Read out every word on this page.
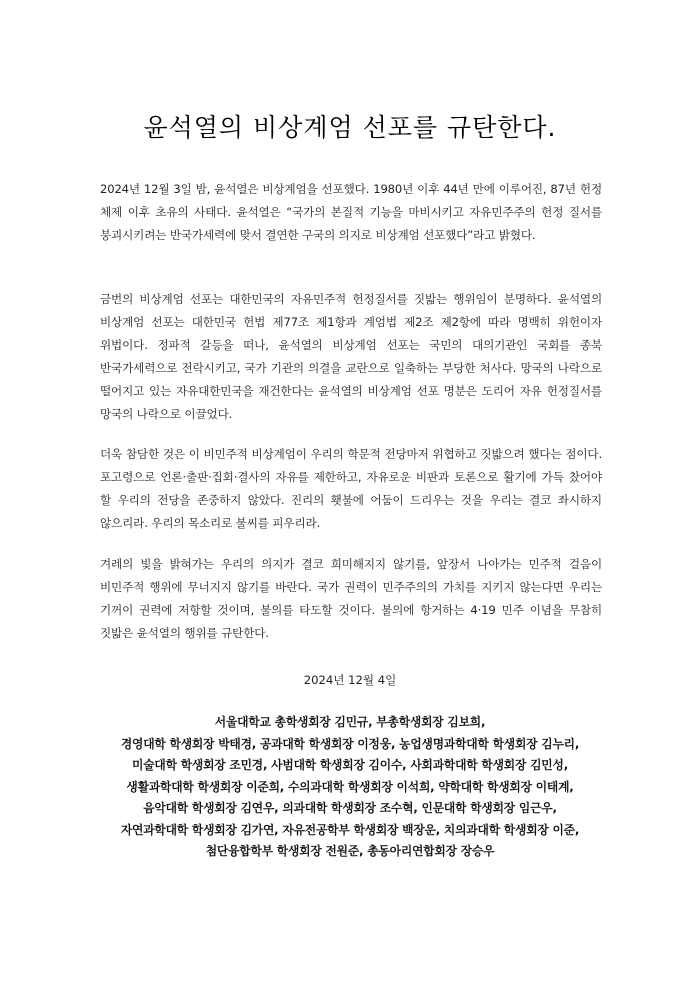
윤석열의 비상계엄 선포를 규탄한다.

2024년 12월 3일 밤, 윤석열은 비상계엄을 선포했다. 1980년 이후 44년 만에 이루어진, 87년 헌정 체제 이후 초유의 사태다. 윤석열은 “국가의 본질적 기능을 마비시키고 자유민주주의 헌정 질서를 붕괴시키려는 반국가세력에 맞서 결연한 구국의 의지로 비상계엄 선포했다”라고 밝혔다.

금번의 비상계엄 선포는 대한민국의 자유민주적 헌정질서를 짓밟는 행위임이 분명하다. 윤석열의 비상계엄 선포는 대한민국 헌법 제77조 제1항과 계엄법 제2조 제2항에 따라 명백히 위헌이자 위법이다. 정파적 갈등을 떠나, 윤석열의 비상계엄 선포는 국민의 대의기관인 국회를 종북 반국가세력으로 전락시키고, 국가 기관의 의결을 교란으로 일축하는 부당한 처사다. 망국의 나락으로 떨어지고 있는 자유대한민국을 재건한다는 윤석열의 비상계엄 선포 명분은 도리어 자유 헌정질서를 망국의 나락으로 이끌었다.

더욱 참담한 것은 이 비민주적 비상계엄이 우리의 학문적 전당마저 위협하고 짓밟으려 했다는 점이다. 포고령으로 언론·출판·집회·결사의 자유를 제한하고, 자유로운 비판과 토론으로 활기에 가득 찼어야 할 우리의 전당을 존중하지 않았다. 진리의 횃불에 어둠이 드리우는 것을 우리는 결코 좌시하지 않으리라. 우리의 목소리로 불씨를 피우리라.

겨레의 빛을 밝혀가는 우리의 의지가 결코 희미해지지 않기를, 앞장서 나아가는 민주적 걸음이 비민주적 행위에 무너지지 않기를 바란다. 국가 권력이 민주주의의 가치를 지키지 않는다면 우리는 기꺼이 권력에 저항할 것이며, 불의를 타도할 것이다. 불의에 항거하는 4·19 민주 이념을 무참히 짓밟은 윤석열의 행위를 규탄한다.

2024년 12월 4일
서울대학교 총학생회장 김민규, 부총학생회장 김보희,
경영대학 학생회장 박태경, 공과대학 학생회장 이정웅, 농업생명과학대학 학생회장 김누리,
미술대학 학생회장 조민경, 사범대학 학생회장 김이수, 사회과학대학 학생회장 김민성,
생활과학대학 학생회장 이준희, 수의과대학 학생회장 이석희, 약학대학 학생회장 이태계,
음악대학 학생회장 김연우, 의과대학 학생회장 조수혁, 인문대학 학생회장 임근우,
자연과학대학 학생회장 김가연, 자유전공학부 학생회장 백장운, 치의과대학 학생회장 이준,
첨단융합학부 학생회장 전원준, 총동아리연합회장 장승우
